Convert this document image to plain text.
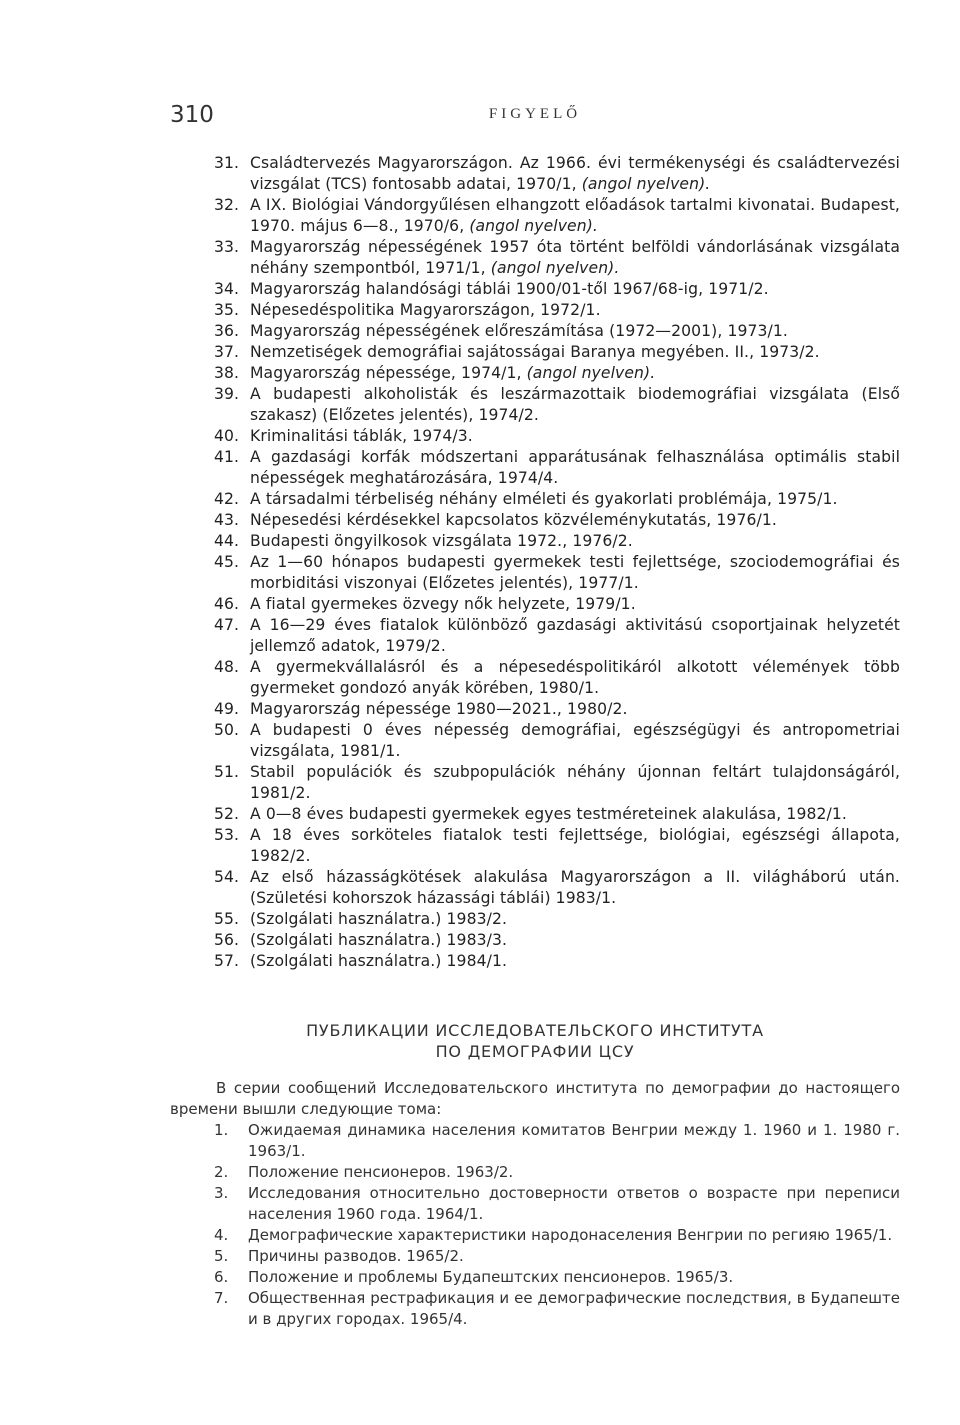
310	FIGYELŐ
31. Családtervezés Magyarországon. Az 1966. évi termékenységi és családtervezési vizsgálat (TCS) fontosabb adatai, 1970/1, (angol nyelven).
32. A IX. Biológiai Vándorgyűlésen elhangzott előadások tartalmi kivonatai. Budapest, 1970. május 6—8., 1970/6, (angol nyelven).
33. Magyarország népességének 1957 óta történt belföldi vándorlásának vizsgálata néhány szempontból, 1971/1, (angol nyelven).
34. Magyarország halandósági táblái 1900/01-től 1967/68-ig, 1971/2.
35. Népesedéspolitika Magyarországon, 1972/1.
36. Magyarország népességének előreszámítása (1972—2001), 1973/1.
37. Nemzetiségek demográfiai sajátosságai Baranya megyében. II., 1973/2.
38. Magyarország népessége, 1974/1, (angol nyelven).
39. A budapesti alkoholisták és leszármazottaik biodemográfiai vizsgálata (Első szakasz) (Előzetes jelentés), 1974/2.
40. Kriminalitási táblák, 1974/3.
41. A gazdasági korfák módszertani apparátusának felhasználása optimális stabil népességek meghatározására, 1974/4.
42. A társadalmi térbeliség néhány elméleti és gyakorlati problémája, 1975/1.
43. Népesedési kérdésekkel kapcsolatos közvéleménykutatás, 1976/1.
44. Budapesti öngyilkosok vizsgálata 1972., 1976/2.
45. Az 1—60 hónapos budapesti gyermekek testi fejlettsége, szociodemográfiai és morbiditási viszonyai (Előzetes jelentés), 1977/1.
46. A fiatal gyermekes özvegy nők helyzete, 1979/1.
47. A 16—29 éves fiatalok különböző gazdasági aktivitású csoportjainak helyzetét jellemző adatok, 1979/2.
48. A gyermekvállalásról és a népesedéspolitikáról alkotott vélemények több gyermeket gondozó anyák körében, 1980/1.
49. Magyarország népessége 1980—2021., 1980/2.
50. A budapesti 0 éves népesség demográfiai, egészségügyi és antropometriai vizsgálata, 1981/1.
51. Stabil populációk és szubpopulációk néhány újonnan feltárt tulajdonságáról, 1981/2.
52. A 0—8 éves budapesti gyermekek egyes testméreteinek alakulása, 1982/1.
53. A 18 éves sorköteles fiatalok testi fejlettsége, biológiai, egészségi állapota, 1982/2.
54. Az első házasságkötések alakulása Magyarországon a II. világháború után. (Születési kohorszok házassági táblái) 1983/1.
55. (Szolgálati használatra.) 1983/2.
56. (Szolgálati használatra.) 1983/3.
57. (Szolgálati használatra.) 1984/1.
ПУБЛИКАЦИИ ИССЛЕДОВАТЕЛЬСКОГО ИНСТИТУТА
ПО ДЕМОГРАФИИ ЦСУ

В серии сообщений Исследовательского института по демографии до настоящего времени вышли следующие тома:

1.	Ожидаемая динамика населения комитатов Венгрии между 1. 1960 и 1. 1980 г. 1963/1.
2.	Положение пенсионеров. 1963/2.
3.	Исследования относительно достоверности ответов о возрасте при переписи населения 1960 года. 1964/1.
4.	Демографические характеристики народонаселения Венгрии по регияю 1965/1.
5.	Причины разводов. 1965/2.
6.	Положение и проблемы Будапештских пенсионеров. 1965/3.
7.	Общественная рестрафикация и ее демографические последствия, в Будапеште и в других городах. 1965/4.
